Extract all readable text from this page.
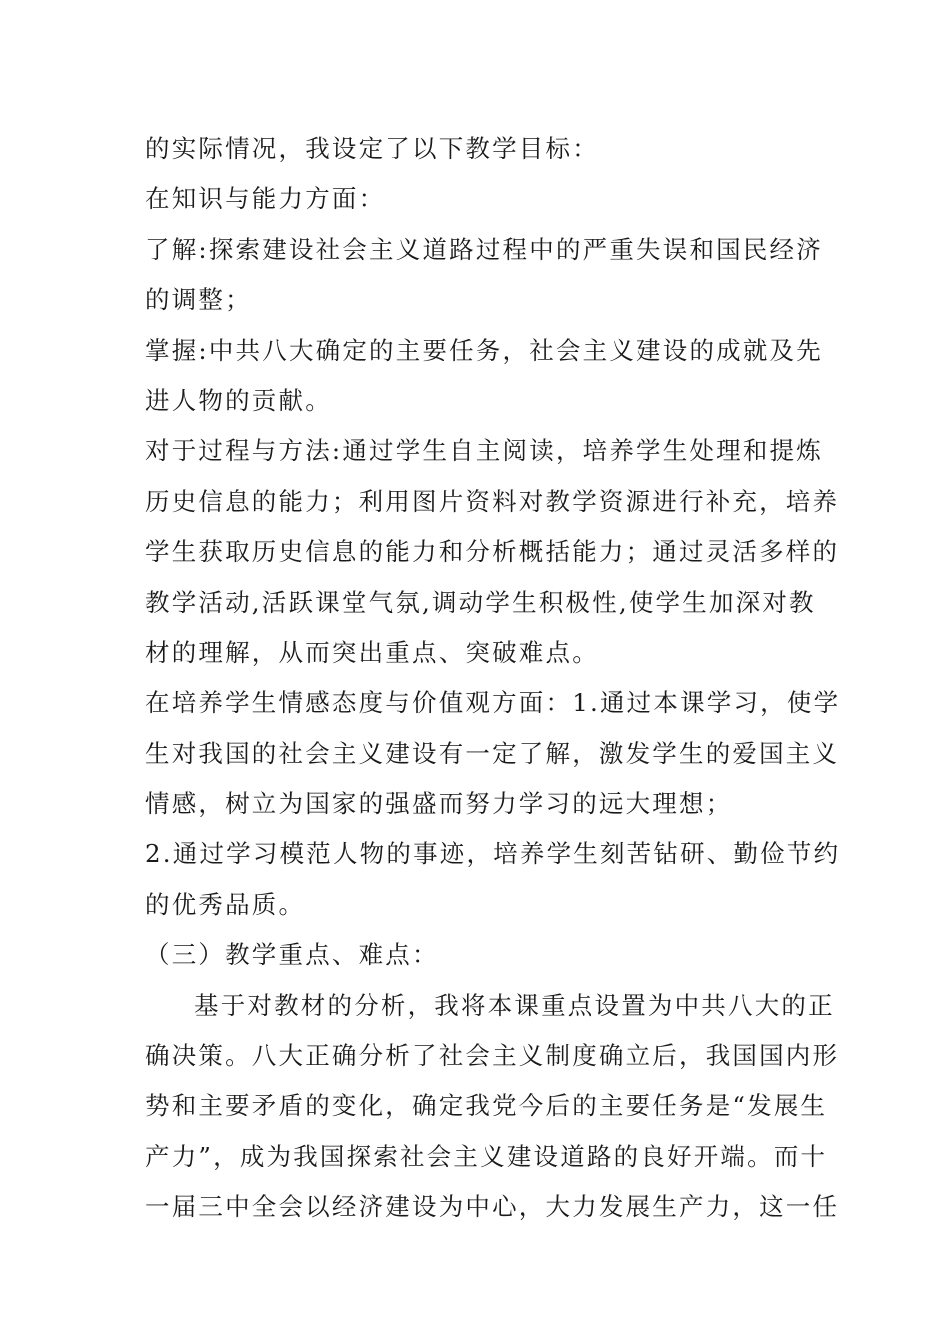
的实际情况，我设定了以下教学目标：
在知识与能力方面：
了解:探索建设社会主义道路过程中的严重失误和国民经济
的调整；
掌握:中共八大确定的主要任务，社会主义建设的成就及先
进人物的贡献。
对于过程与方法:通过学生自主阅读，培养学生处理和提炼
历史信息的能力；利用图片资料对教学资源进行补充，培养
学生获取历史信息的能力和分析概括能力；通过灵活多样的
教学活动,活跃课堂气氛,调动学生积极性,使学生加深对教
材的理解，从而突出重点、突破难点。
在培养学生情感态度与价值观方面：1.通过本课学习，使学
生对我国的社会主义建设有一定了解，激发学生的爱国主义
情感，树立为国家的强盛而努力学习的远大理想；
2.通过学习模范人物的事迹，培养学生刻苦钻研、勤俭节约
的优秀品质。
（三）教学重点、难点：
基于对教材的分析，我将本课重点设置为中共八大的正
确决策。八大正确分析了社会主义制度确立后，我国国内形
势和主要矛盾的变化，确定我党今后的主要任务是“发展生
产力”，成为我国探索社会主义建设道路的良好开端。而十
一届三中全会以经济建设为中心，大力发展生产力，这一任
